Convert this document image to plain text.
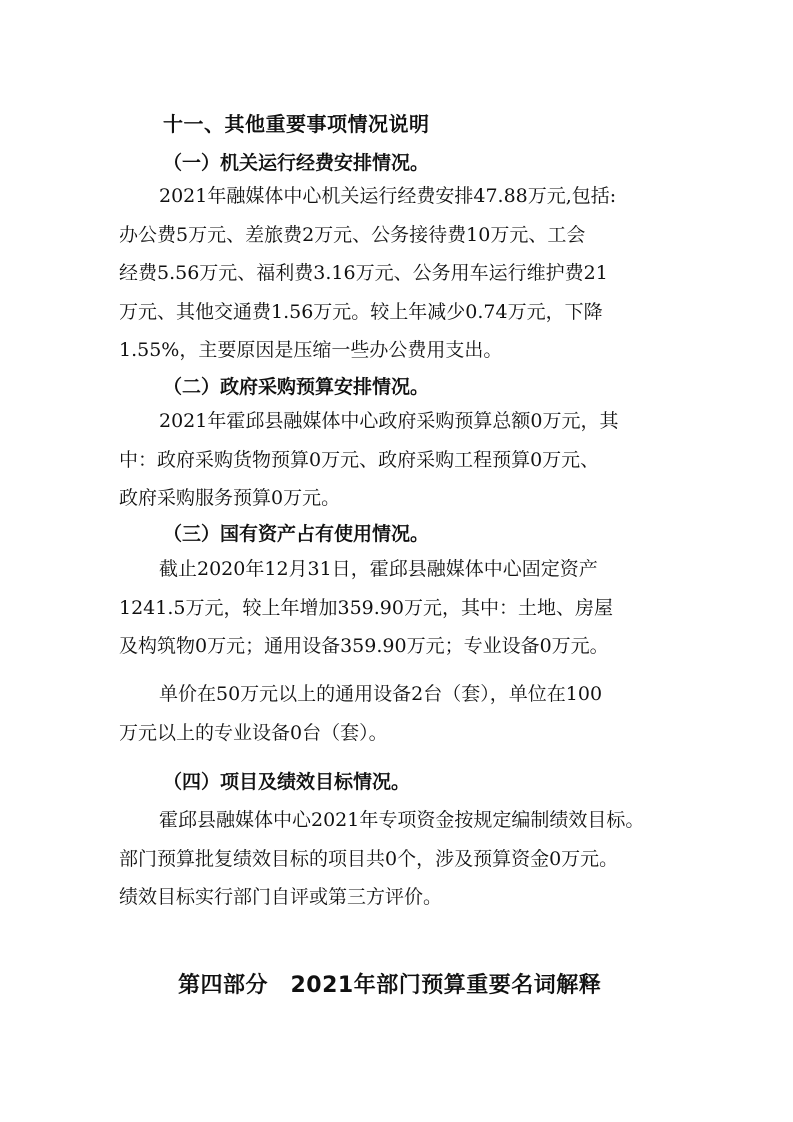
十一、其他重要事项情况说明
（一）机关运行经费安排情况。
2021年融媒体中心机关运行经费安排47.88万元,包括:
办公费5万元、差旅费2万元、公务接待费10万元、工会
经费5.56万元、福利费3.16万元、公务用车运行维护费21
万元、其他交通费1.56万元。较上年减少0.74万元，下降
1.55%，主要原因是压缩一些办公费用支出。
（二）政府采购预算安排情况。
2021年霍邱县融媒体中心政府采购预算总额0万元，其
中：政府采购货物预算0万元、政府采购工程预算0万元、
政府采购服务预算0万元。
（三）国有资产占有使用情况。
截止2020年12月31日，霍邱县融媒体中心固定资产
1241.5万元，较上年增加359.90万元，其中：土地、房屋
及构筑物0万元；通用设备359.90万元；专业设备0万元。
单价在50万元以上的通用设备2台（套），单位在100
万元以上的专业设备0台（套）。
（四）项目及绩效目标情况。
霍邱县融媒体中心2021年专项资金按规定编制绩效目标。
部门预算批复绩效目标的项目共0个，涉及预算资金0万元。
绩效目标实行部门自评或第三方评价。
第四部分　2021年部门预算重要名词解释
